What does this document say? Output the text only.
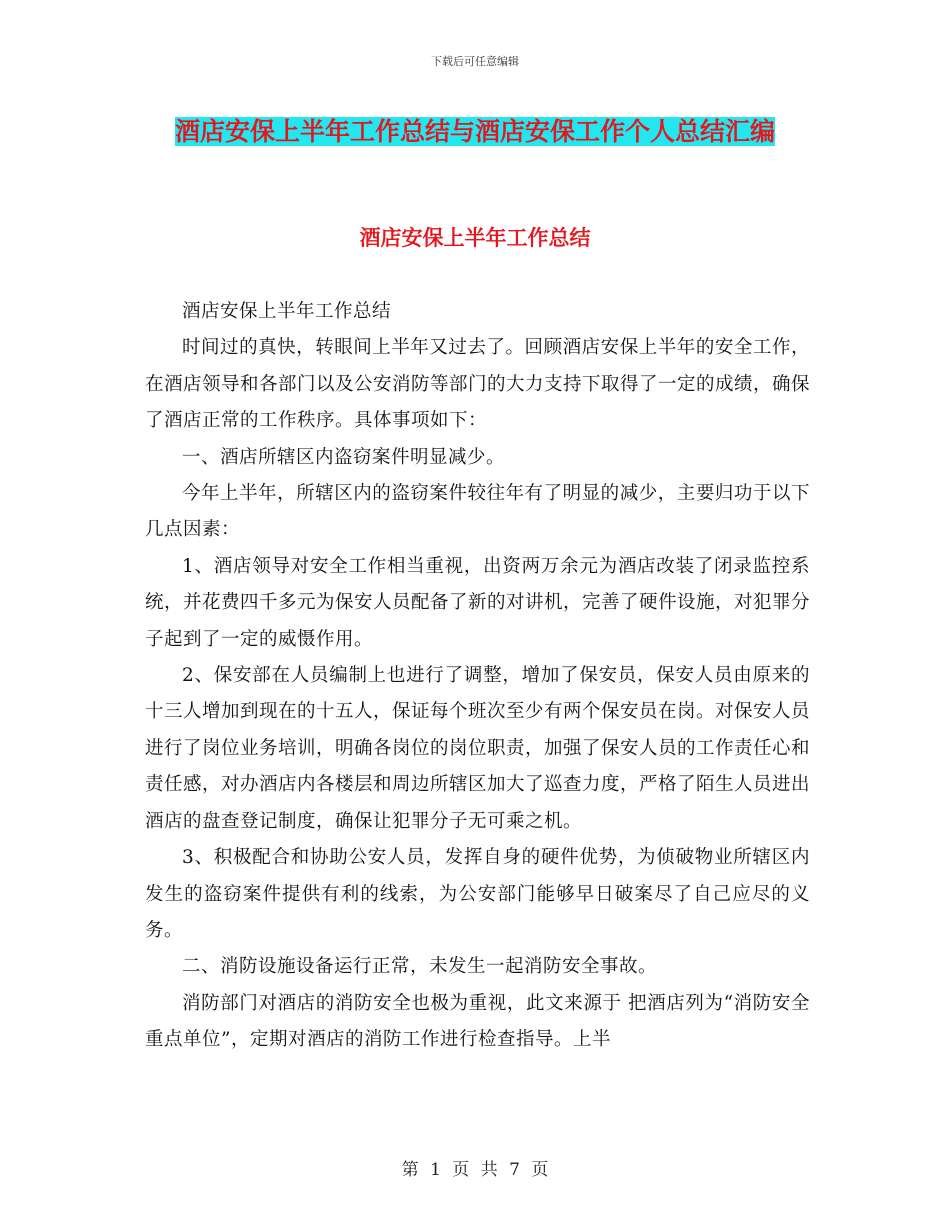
下载后可任意编辑
酒店安保上半年工作总结与酒店安保工作个人总结汇编
酒店安保上半年工作总结

酒店安保上半年工作总结

时间过的真快，转眼间上半年又过去了。回顾酒店安保上半年的安全工作，在酒店领导和各部门以及公安消防等部门的大力支持下取得了一定的成绩，确保了酒店正常的工作秩序。具体事项如下：

一、酒店所辖区内盗窃案件明显减少。

今年上半年，所辖区内的盗窃案件较往年有了明显的减少，主要归功于以下几点因素：

1、酒店领导对安全工作相当重视，出资两万余元为酒店改装了闭录监控系统，并花费四千多元为保安人员配备了新的对讲机，完善了硬件设施，对犯罪分子起到了一定的威慑作用。

2、保安部在人员编制上也进行了调整，增加了保安员，保安人员由原来的十三人增加到现在的十五人，保证每个班次至少有两个保安员在岗。对保安人员进行了岗位业务培训，明确各岗位的岗位职责，加强了保安人员的工作责任心和责任感，对办酒店内各楼层和周边所辖区加大了巡查力度，严格了陌生人员进出酒店的盘查登记制度，确保让犯罪分子无可乘之机。

3、积极配合和协助公安人员，发挥自身的硬件优势，为侦破物业所辖区内发生的盗窃案件提供有利的线索，为公安部门能够早日破案尽了自己应尽的义务。

二、消防设施设备运行正常，未发生一起消防安全事故。

消防部门对酒店的消防安全也极为重视，此文来源于 把酒店列为“消防安全重点单位”，定期对酒店的消防工作进行检查指导。上半

第 1 页 共 7 页
